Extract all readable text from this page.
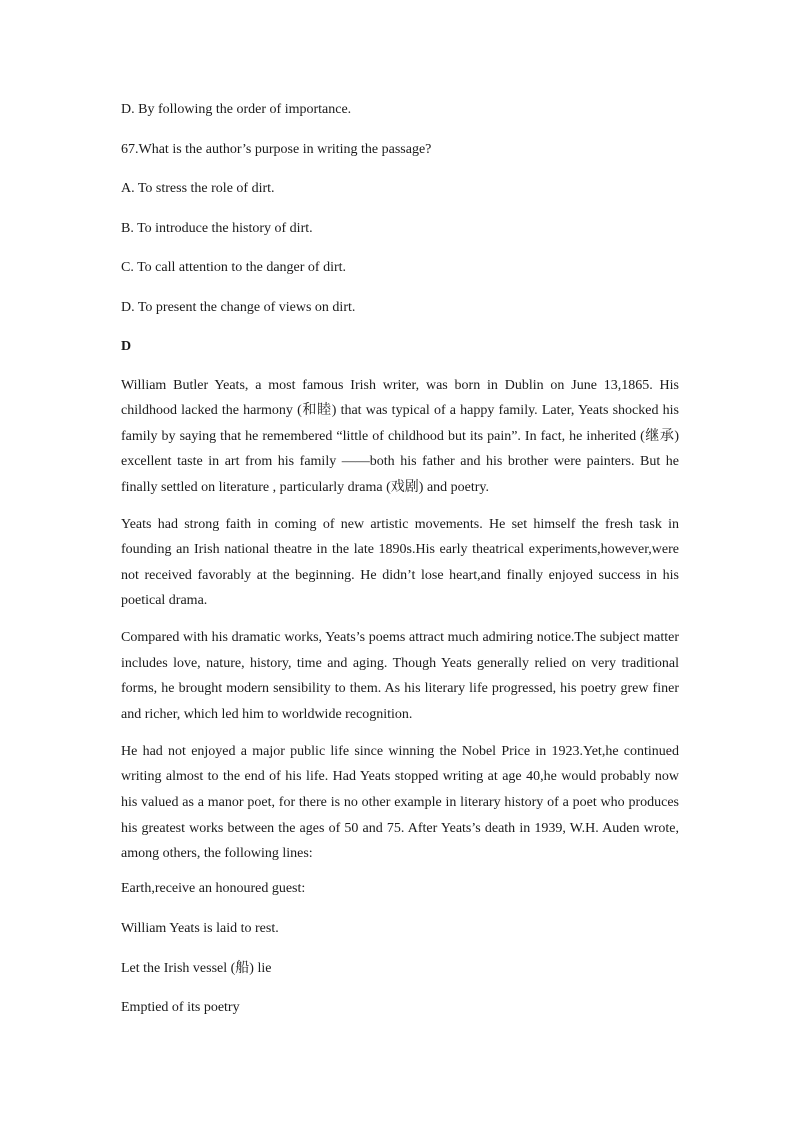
D. By following the order of importance.

67.What is the author’s purpose in writing the passage?

A. To stress the role of dirt.

B. To introduce the history of dirt.

C. To call attention to the danger of dirt.

D. To present the change of views on dirt.

D

William Butler Yeats, a most famous Irish writer, was born in Dublin on June 13,1865. His childhood lacked the harmony (和睦) that was typical of a happy family. Later, Yeats shocked his family by saying that he remembered “little of childhood but its pain”. In fact, he inherited (继承) excellent taste in art from his family ——both his father and his brother were painters. But he finally settled on literature , particularly drama (戏剧) and poetry.

Yeats had strong faith in coming of new artistic movements. He set himself the fresh task in founding an Irish national theatre in the late 1890s.His early theatrical experiments,however,were not received favorably at the beginning. He didn’t lose heart,and finally enjoyed success in his poetical drama.

Compared with his dramatic works, Yeats’s poems attract much admiring notice.The subject matter includes love, nature, history, time and aging. Though Yeats generally relied on very traditional forms, he brought modern sensibility to them. As his literary life progressed, his poetry grew finer and richer, which led him to worldwide recognition.

He had not enjoyed a major public life since winning the Nobel Price in 1923.Yet,he continued writing almost to the end of his life. Had Yeats stopped writing at age 40,he would probably now his valued as a manor poet, for there is no other example in literary history of a poet who produces his greatest works between the ages of 50 and 75. After Yeats’s death in 1939, W.H. Auden wrote, among others, the following lines:

Earth,receive an honoured guest:

William Yeats is laid to rest.

Let the Irish vessel (船) lie

Emptied of its poetry
